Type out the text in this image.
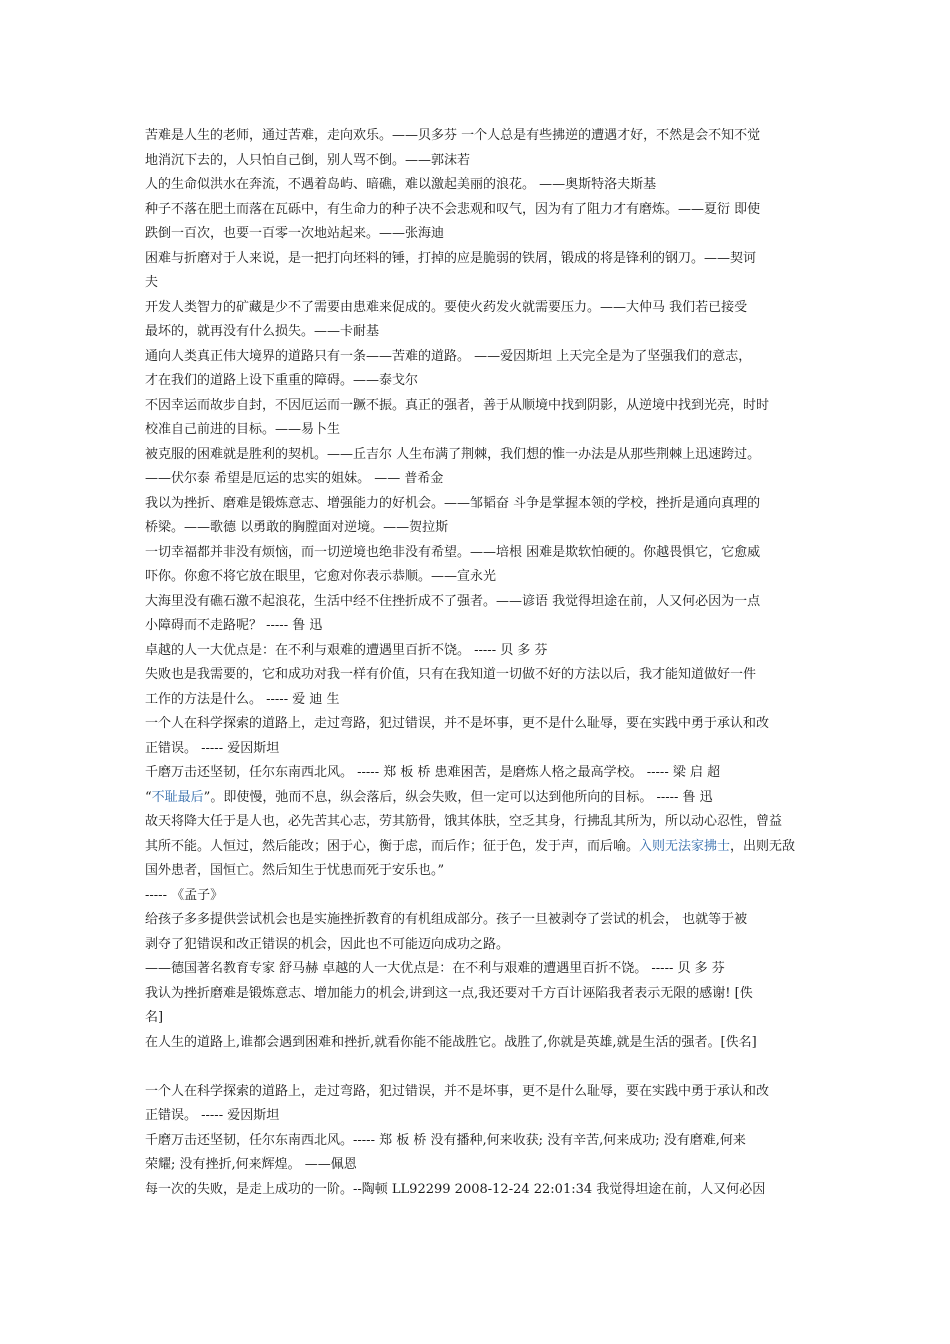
苦难是人生的老师，通过苦难，走向欢乐。——贝多芬 一个人总是有些拂逆的遭遇才好，不然是会不知不觉
地消沉下去的，人只怕自己倒，别人骂不倒。——郭沫若
人的生命似洪水在奔流，不遇着岛屿、暗礁，难以激起美丽的浪花。 ——奥斯特洛夫斯基
种子不落在肥土而落在瓦砾中，有生命力的种子决不会悲观和叹气，因为有了阻力才有磨炼。——夏衍 即使
跌倒一百次，也要一百零一次地站起来。——张海迪
困难与折磨对于人来说，是一把打向坯料的锤，打掉的应是脆弱的铁屑，锻成的将是锋利的钢刀。——契诃
夫
开发人类智力的矿藏是少不了需要由患难来促成的。要使火药发火就需要压力。——大仲马 我们若已接受
最坏的，就再没有什么损失。——卡耐基
通向人类真正伟大境界的道路只有一条——苦难的道路。 ——爱因斯坦 上天完全是为了坚强我们的意志，
才在我们的道路上设下重重的障碍。——泰戈尔
不因幸运而故步自封，不因厄运而一蹶不振。真正的强者，善于从顺境中找到阴影，从逆境中找到光亮，时时
校准自己前进的目标。——易卜生
被克服的困难就是胜利的契机。——丘吉尔 人生布满了荆棘，我们想的惟一办法是从那些荆棘上迅速跨过。
——伏尔泰 希望是厄运的忠实的姐妹。 —— 普希金
我以为挫折、磨难是锻炼意志、增强能力的好机会。——邹韬奋 斗争是掌握本领的学校，挫折是通向真理的
桥梁。——歌德 以勇敢的胸膛面对逆境。——贺拉斯
一切幸福都并非没有烦恼，而一切逆境也绝非没有希望。——培根 困难是欺软怕硬的。你越畏惧它，它愈威
吓你。你愈不将它放在眼里，它愈对你表示恭顺。——宣永光
大海里没有礁石激不起浪花，生活中经不住挫折成不了强者。——谚语 我觉得坦途在前，人又何必因为一点
小障碍而不走路呢？ ----- 鲁 迅
卓越的人一大优点是：在不利与艰难的遭遇里百折不饶。 ----- 贝 多 芬
失败也是我需要的，它和成功对我一样有价值，只有在我知道一切做不好的方法以后，我才能知道做好一件
工作的方法是什么。 ----- 爱 迪 生
一个人在科学探索的道路上，走过弯路，犯过错误，并不是坏事，更不是什么耻辱，要在实践中勇于承认和改
正错误。 ----- 爱因斯坦
千磨万击还坚韧，任尔东南西北风。 ----- 郑 板 桥 患难困苦，是磨炼人格之最高学校。 ----- 梁 启 超
“不耻最后”。即使慢，弛而不息，纵会落后，纵会失败，但一定可以达到他所向的目标。 ----- 鲁 迅
故天将降大任于是人也，必先苦其心志，劳其筋骨，饿其体肤，空乏其身，行拂乱其所为，所以动心忍性，曾益
其所不能。人恒过，然后能改；困于心，衡于虑，而后作；征于色，发于声，而后喻。入则无法家拂士，出则无敌
国外患者，国恒亡。然后知生于忧患而死于安乐也。”
----- 《孟子》
给孩子多多提供尝试机会也是实施挫折教育的有机组成部分。孩子一旦被剥夺了尝试的机会， 也就等于被
剥夺了犯错误和改正错误的机会，因此也不可能迈向成功之路。
——德国著名教育专家 舒马赫 卓越的人一大优点是：在不利与艰难的遭遇里百折不饶。 ----- 贝 多 芬
我认为挫折磨难是锻炼意志、增加能力的机会,讲到这一点,我还要对千方百计诬陷我者表示无限的感谢! [佚
名]
在人生的道路上,谁都会遇到困难和挫折,就看你能不能战胜它。战胜了,你就是英雄,就是生活的强者。[佚名]
一个人在科学探索的道路上，走过弯路，犯过错误，并不是坏事，更不是什么耻辱，要在实践中勇于承认和改
正错误。 ----- 爱因斯坦
千磨万击还坚韧，任尔东南西北风。----- 郑 板 桥 没有播种,何来收获; 没有辛苦,何来成功; 没有磨难,何来
荣耀; 没有挫折,何来辉煌。 ——佩恩
每一次的失败，是走上成功的一阶。--陶顿 LL92299 2008-12-24 22:01:34 我觉得坦途在前，人又何必因
